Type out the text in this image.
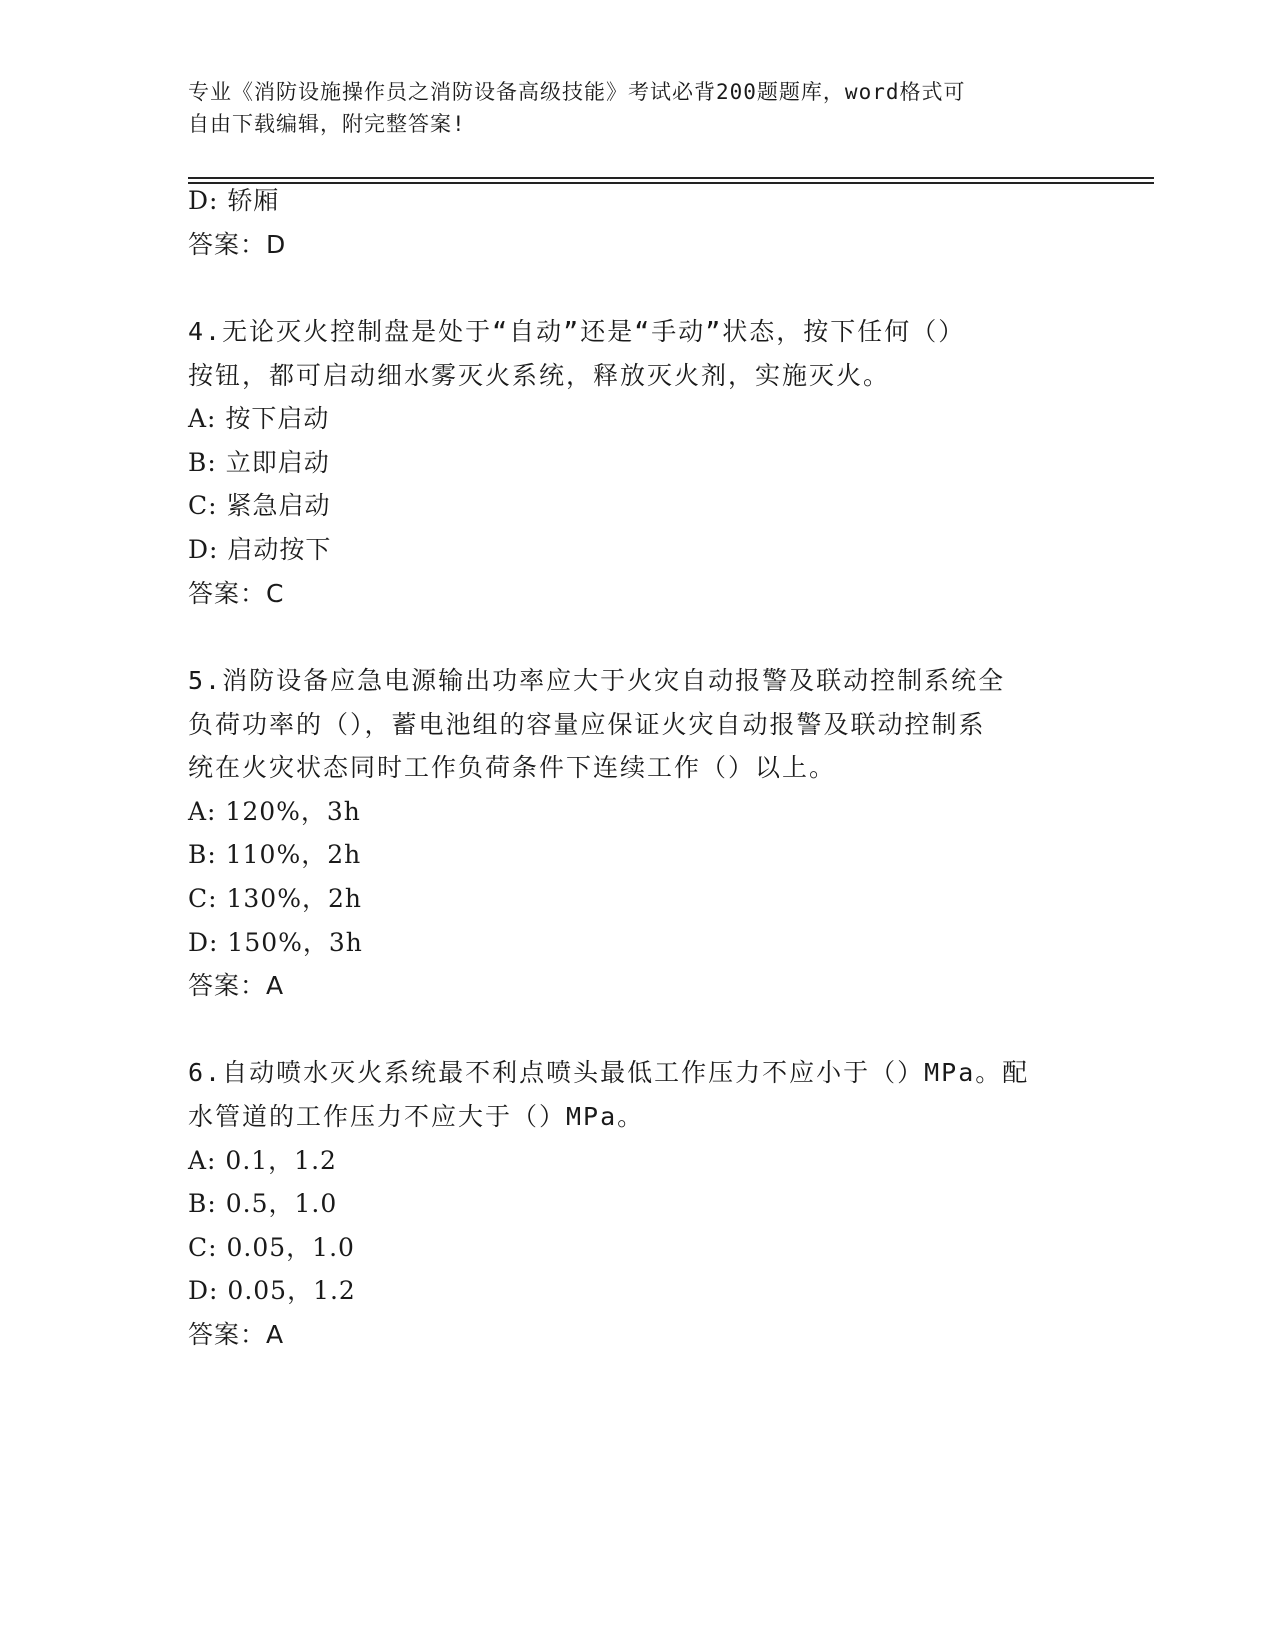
专业《消防设施操作员之消防设备高级技能》考试必背200题题库，word格式可
自由下载编辑，附完整答案!
D: 轿厢
答案：D
4.无论灭火控制盘是处于“自动”还是“手动”状态，按下任何（）
按钮，都可启动细水雾灭火系统，释放灭火剂，实施灭火。
A: 按下启动
B: 立即启动
C: 紧急启动
D: 启动按下
答案：C
5.消防设备应急电源输出功率应大于火灾自动报警及联动控制系统全
负荷功率的（），蓄电池组的容量应保证火灾自动报警及联动控制系
统在火灾状态同时工作负荷条件下连续工作（）以上。
A: 120%，3h
B: 110%，2h
C: 130%，2h
D: 150%，3h
答案：A
6.自动喷水灭火系统最不利点喷头最低工作压力不应小于（）MPa。配
水管道的工作压力不应大于（）MPa。
A: 0.1，1.2
B: 0.5，1.0
C: 0.05，1.0
D: 0.05，1.2
答案：A
